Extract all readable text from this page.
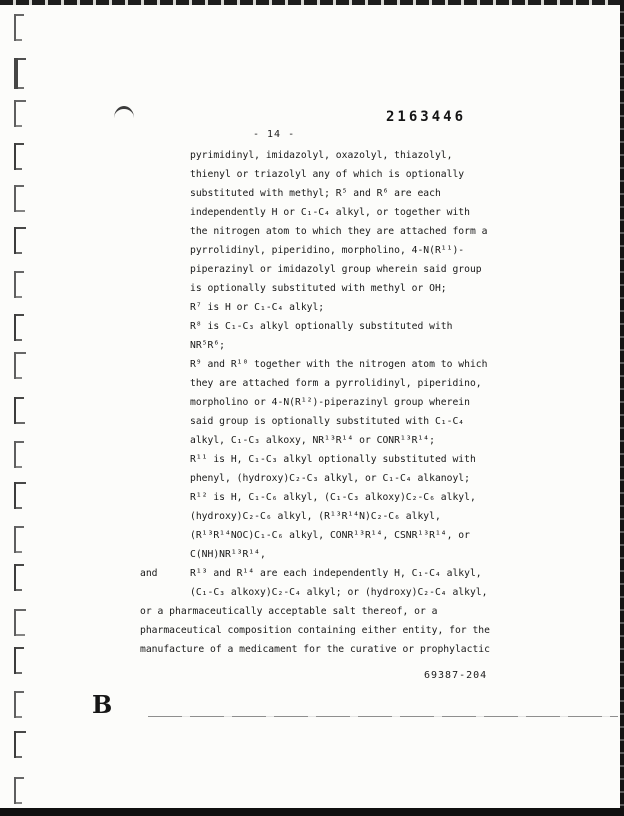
2163446
- 14 -
pyrimidinyl, imidazolyl, oxazolyl, thiazolyl,
thienyl or triazolyl any of which is optionally
substituted with methyl; R⁵ and R⁶ are each
independently H or C₁-C₄ alkyl, or together with
the nitrogen atom to which they are attached form a
pyrrolidinyl, piperidino, morpholino, 4-N(R¹¹)-
piperazinyl or imidazolyl group wherein said group
is optionally substituted with methyl or OH;
R⁷ is H or C₁-C₄ alkyl;
R⁸ is C₁-C₃ alkyl optionally substituted with
NR⁵R⁶;
R⁹ and R¹⁰ together with the nitrogen atom to which
they are attached form a pyrrolidinyl, piperidino,
morpholino or 4-N(R¹²)-piperazinyl group wherein
said group is optionally substituted with C₁-C₄
alkyl, C₁-C₃ alkoxy, NR¹³R¹⁴ or CONR¹³R¹⁴;
R¹¹ is H, C₁-C₃ alkyl optionally substituted with
phenyl, (hydroxy)C₂-C₃ alkyl, or C₁-C₄ alkanoyl;
R¹² is H, C₁-C₆ alkyl, (C₁-C₃ alkoxy)C₂-C₆ alkyl,
(hydroxy)C₂-C₆ alkyl, (R¹³R¹⁴N)C₂-C₆ alkyl,
(R¹³R¹⁴NOC)C₁-C₆ alkyl, CONR¹³R¹⁴, CSNR¹³R¹⁴, or
C(NH)NR¹³R¹⁴,
and	R¹³ and R¹⁴ are each independently H, C₁-C₄ alkyl,
(C₁-C₃ alkoxy)C₂-C₄ alkyl; or (hydroxy)C₂-C₄ alkyl,
or a pharmaceutically acceptable salt thereof, or a
pharmaceutical composition containing either entity, for the
manufacture of a medicament for the curative or prophylactic
69387-204
B
